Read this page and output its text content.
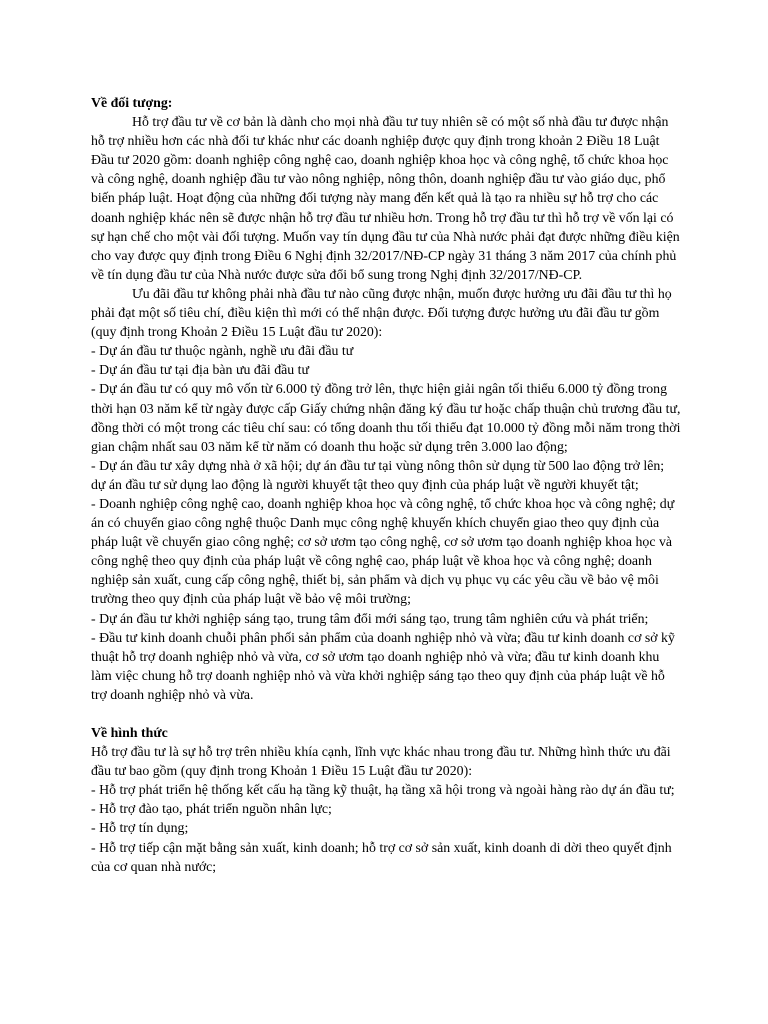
Về đối tượng:

Hỗ trợ đầu tư về cơ bản là dành cho mọi nhà đầu tư tuy nhiên sẽ có một số nhà đầu tư được nhận hỗ trợ nhiều hơn các nhà đối tư khác như các doanh nghiệp được quy định trong khoản 2 Điều 18 Luật Đầu tư 2020 gồm: doanh nghiệp công nghệ cao, doanh nghiệp khoa học và công nghệ, tổ chức khoa học và công nghệ, doanh nghiệp đầu tư vào nông nghiệp, nông thôn, doanh nghiệp đầu tư vào giáo dục, phổ biến pháp luật. Hoạt động của những đối tượng này mang đến kết quả là tạo ra nhiều sự hỗ trợ cho các doanh nghiệp khác nên sẽ được nhận hỗ trợ đầu tư nhiều hơn. Trong hỗ trợ đầu tư thì hỗ trợ về vốn lại có sự hạn chế cho một vài đối tượng. Muốn vay tín dụng đầu tư của Nhà nước phải đạt được những điều kiện cho vay được quy định trong Điều 6 Nghị định 32/2017/NĐ-CP ngày 31 tháng 3 năm 2017 của chính phủ về tín dụng đầu tư của Nhà nước được sửa đổi bổ sung trong Nghị định 32/2017/NĐ-CP.

Ưu đãi đầu tư không phải nhà đầu tư nào cũng được nhận, muốn được hưởng ưu đãi đầu tư thì họ phải đạt một số tiêu chí, điều kiện thì mới có thể nhận được. Đối tượng được hưởng ưu đãi đầu tư gồm (quy định trong Khoản 2 Điều 15 Luật đầu tư 2020):

- Dự án đầu tư thuộc ngành, nghề ưu đãi đầu tư

- Dự án đầu tư tại địa bàn ưu đãi đầu tư

- Dự án đầu tư có quy mô vốn từ 6.000 tỷ đồng trở lên, thực hiện giải ngân tối thiểu 6.000 tỷ đồng trong thời hạn 03 năm kể từ ngày được cấp Giấy chứng nhận đăng ký đầu tư hoặc chấp thuận chủ trương đầu tư, đồng thời có một trong các tiêu chí sau: có tổng doanh thu tối thiểu đạt 10.000 tỷ đồng mỗi năm trong thời gian chậm nhất sau 03 năm kể từ năm có doanh thu hoặc sử dụng trên 3.000 lao động;

- Dự án đầu tư xây dựng nhà ở xã hội; dự án đầu tư tại vùng nông thôn sử dụng từ 500 lao động trở lên; dự án đầu tư sử dụng lao động là người khuyết tật theo quy định của pháp luật về người khuyết tật;

- Doanh nghiệp công nghệ cao, doanh nghiệp khoa học và công nghệ, tổ chức khoa học và công nghệ; dự án có chuyển giao công nghệ thuộc Danh mục công nghệ khuyến khích chuyển giao theo quy định của pháp luật về chuyển giao công nghệ; cơ sở ươm tạo công nghệ, cơ sở ươm tạo doanh nghiệp khoa học và công nghệ theo quy định của pháp luật về công nghệ cao, pháp luật về khoa học và công nghệ; doanh nghiệp sản xuất, cung cấp công nghệ, thiết bị, sản phẩm và dịch vụ phục vụ các yêu cầu về bảo vệ môi trường theo quy định của pháp luật về bảo vệ môi trường;

- Dự án đầu tư khởi nghiệp sáng tạo, trung tâm đổi mới sáng tạo, trung tâm nghiên cứu và phát triển;

- Đầu tư kinh doanh chuỗi phân phối sản phẩm của doanh nghiệp nhỏ và vừa; đầu tư kinh doanh cơ sở kỹ thuật hỗ trợ doanh nghiệp nhỏ và vừa, cơ sở ươm tạo doanh nghiệp nhỏ và vừa; đầu tư kinh doanh khu làm việc chung hỗ trợ doanh nghiệp nhỏ và vừa khởi nghiệp sáng tạo theo quy định của pháp luật về hỗ trợ doanh nghiệp nhỏ và vừa.

Về hình thức

Hỗ trợ đầu tư là sự hỗ trợ trên nhiều khía cạnh, lĩnh vực khác nhau trong đầu tư. Những hình thức ưu đãi đầu tư bao gồm (quy định trong Khoản 1 Điều 15 Luật đầu tư 2020):

- Hỗ trợ phát triển hệ thống kết cấu hạ tầng kỹ thuật, hạ tầng xã hội trong và ngoài hàng rào dự án đầu tư;

- Hỗ trợ đào tạo, phát triển nguồn nhân lực;

- Hỗ trợ tín dụng;

- Hỗ trợ tiếp cận mặt bằng sản xuất, kinh doanh; hỗ trợ cơ sở sản xuất, kinh doanh di dời theo quyết định của cơ quan nhà nước;
